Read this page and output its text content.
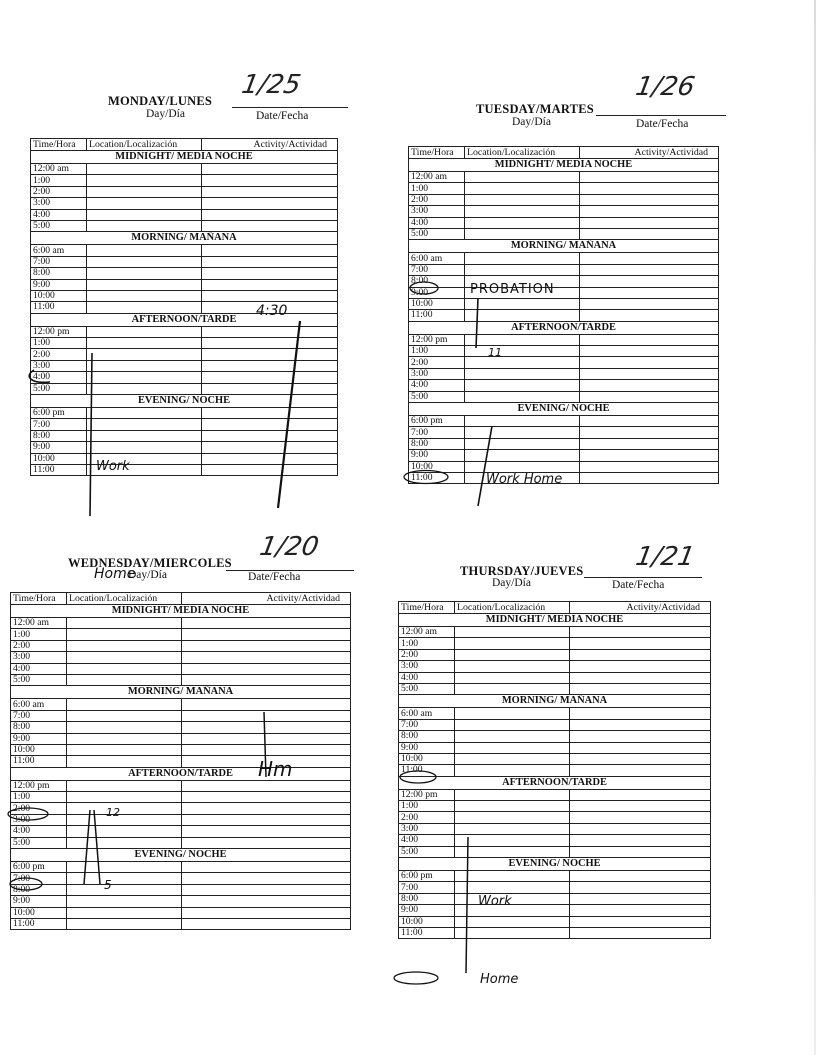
MONDAY/LUNES
1/25
Day/Día	Date/Fecha
Time/Hora	Location/Localización	Activity/Actividad
MIDNIGHT/ MEDIA NOCHE		
12:00 am		
1:00		
2:00		
3:00		
4:00		
5:00		
MORNING/ MAÑANA		
6:00 am		
7:00		
8:00		
9:00		
10:00		
11:00		
AFTERNOON/TARDE		
12:00 pm		
1:00		
2:00		
3:00		
4:00		
5:00		
EVENING/ NOCHE		
6:00 pm		
7:00		
8:00		
9:00		
10:00		
11:00		
4:30
Work
Home
TUESDAY/MARTES
1/26
Day/Día	Date/Fecha
Time/Hora	Location/Localización	Activity/Actividad
MIDNIGHT/ MEDIA NOCHE		
12:00 am		
1:00		
2:00		
3:00		
4:00		
5:00		
MORNING/ MAÑANA		
6:00 am		
7:00		
8:00		
9:00		
10:00		
11:00		
AFTERNOON/TARDE		
12:00 pm		
1:00		
2:00		
3:00		
4:00		
5:00		
EVENING/ NOCHE		
6:00 pm		
7:00		
8:00		
9:00		
10:00		
11:00		
PROBATION
11
Work Home
WEDNESDAY/MIERCOLES
1/20
Day/Día	Date/Fecha
Time/Hora	Location/Localización	Activity/Actividad
MIDNIGHT/ MEDIA NOCHE		
12:00 am		
1:00		
2:00		
3:00		
4:00		
5:00		
MORNING/ MAÑANA		
6:00 am		
7:00		
8:00		
9:00		
10:00		
11:00		
AFTERNOON/TARDE		
12:00 pm		
1:00		
2:00		
3:00		
4:00		
5:00		
EVENING/ NOCHE		
6:00 pm		
7:00		
8:00		
9:00		
10:00		
11:00		
Hm
12
5
THURSDAY/JUEVES 1/21
Day/Día	Date/Fecha
Time/Hora	Location/Localización	Activity/Actividad
MIDNIGHT/ MEDIA NOCHE		
12:00 am		
1:00		
2:00		
3:00		
4:00		
5:00		
MORNING/ MAÑANA		
6:00 am		
7:00		
8:00		
9:00		
10:00		
11:00		
AFTERNOON/TARDE		
12:00 pm		
1:00		
2:00		
3:00		
4:00		
5:00		
EVENING/ NOCHE		
6:00 pm		
7:00		
8:00		
9:00		
10:00		
11:00		
Work
Home
